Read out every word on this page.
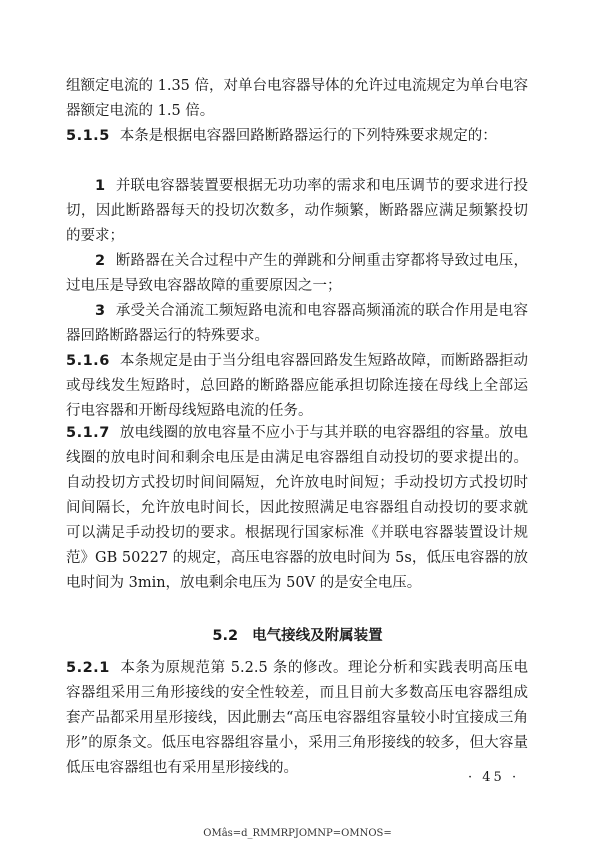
组额定电流的 1.35 倍，对单台电容器导体的允许过电流规定为单台电容器额定电流的 1.5 倍。
5.1.5 本条是根据电容器回路断路器运行的下列特殊要求规定的：
1 并联电容器装置要根据无功功率的需求和电压调节的要求进行投切，因此断路器每天的投切次数多，动作频繁，断路器应满足频繁投切的要求；
2 断路器在关合过程中产生的弹跳和分闸重击穿都将导致过电压，过电压是导致电容器故障的重要原因之一；
3 承受关合涌流工频短路电流和电容器高频涌流的联合作用是电容器回路断路器运行的特殊要求。
5.1.6 本条规定是由于当分组电容器回路发生短路故障，而断路器拒动或母线发生短路时，总回路的断路器应能承担切除连接在母线上全部运行电容器和开断母线短路电流的任务。
5.1.7 放电线圈的放电容量不应小于与其并联的电容器组的容量。放电线圈的放电时间和剩余电压是由满足电容器组自动投切的要求提出的。自动投切方式投切时间间隔短，允许放电时间短；手动投切方式投切时间间隔长，允许放电时间长，因此按照满足电容器组自动投切的要求就可以满足手动投切的要求。根据现行国家标准《并联电容器装置设计规范》GB 50227 的规定，高压电容器的放电时间为 5s，低压电容器的放电时间为 3min，放电剩余电压为 50V 的是安全电压。
5.2 电气接线及附属装置
5.2.1 本条为原规范第 5.2.5 条的修改。理论分析和实践表明高压电容器组采用三角形接线的安全性较差，而且目前大多数高压电容器组成套产品都采用星形接线，因此删去“高压电容器组容量较小时宜接成三角形”的原条文。低压电容器组容量小，采用三角形接线的较多，但大容量低压电容器组也有采用星形接线的。
· 45 ·
OMâs=d_RMMRPJOMNP=OMNOS=
